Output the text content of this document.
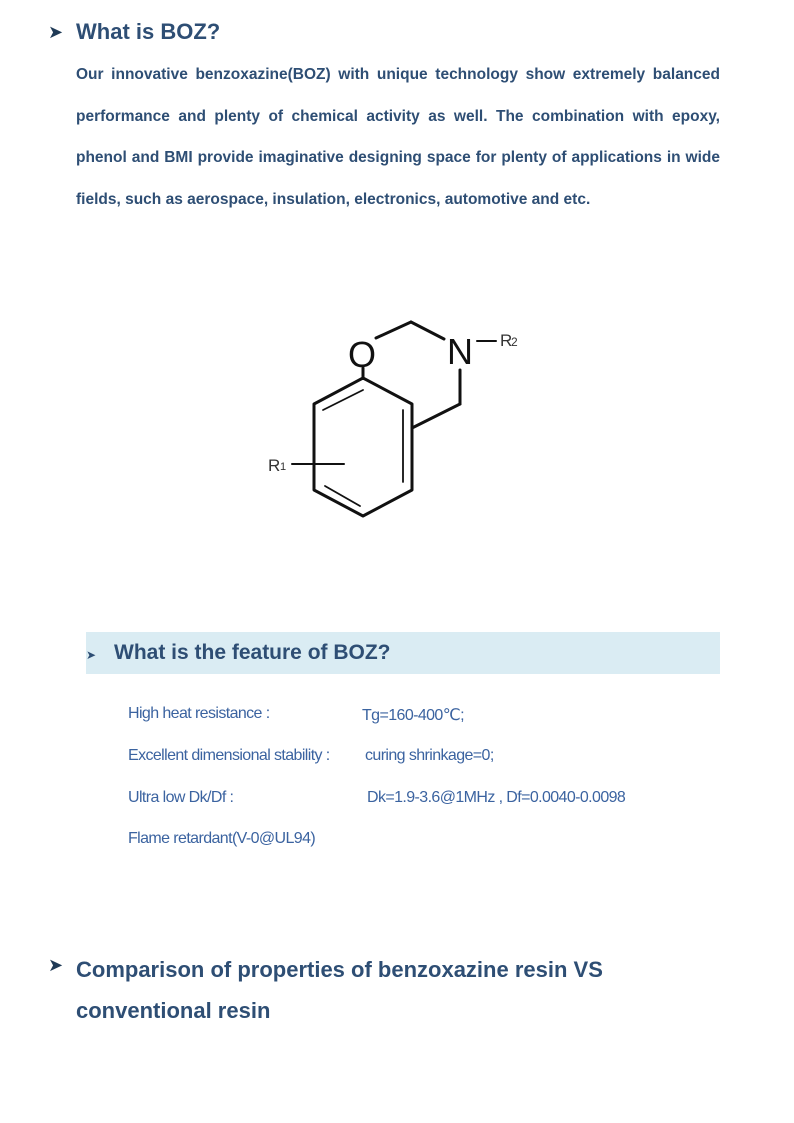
➤ What is BOZ?

Our innovative benzoxazine(BOZ) with unique technology show extremely balanced performance and plenty of chemical activity as well. The combination with epoxy, phenol and BMI provide imaginative designing space for plenty of applications in wide fields, such as aerospace, insulation, electronics, automotive and etc.

O N R
2
R 1
➤ What is the feature of BOZ?
High heat resistance :	Tg=160-400℃;
Excellent dimensional stability : curing shrinkage=0;
Ultra low Dk/Df :	Dk=1.9-3.6@1MHz , Df=0.0040-0.0098
Flame retardant(V-0@UL94)
➤ Comparison of properties of benzoxazine resin VS conventional resin
